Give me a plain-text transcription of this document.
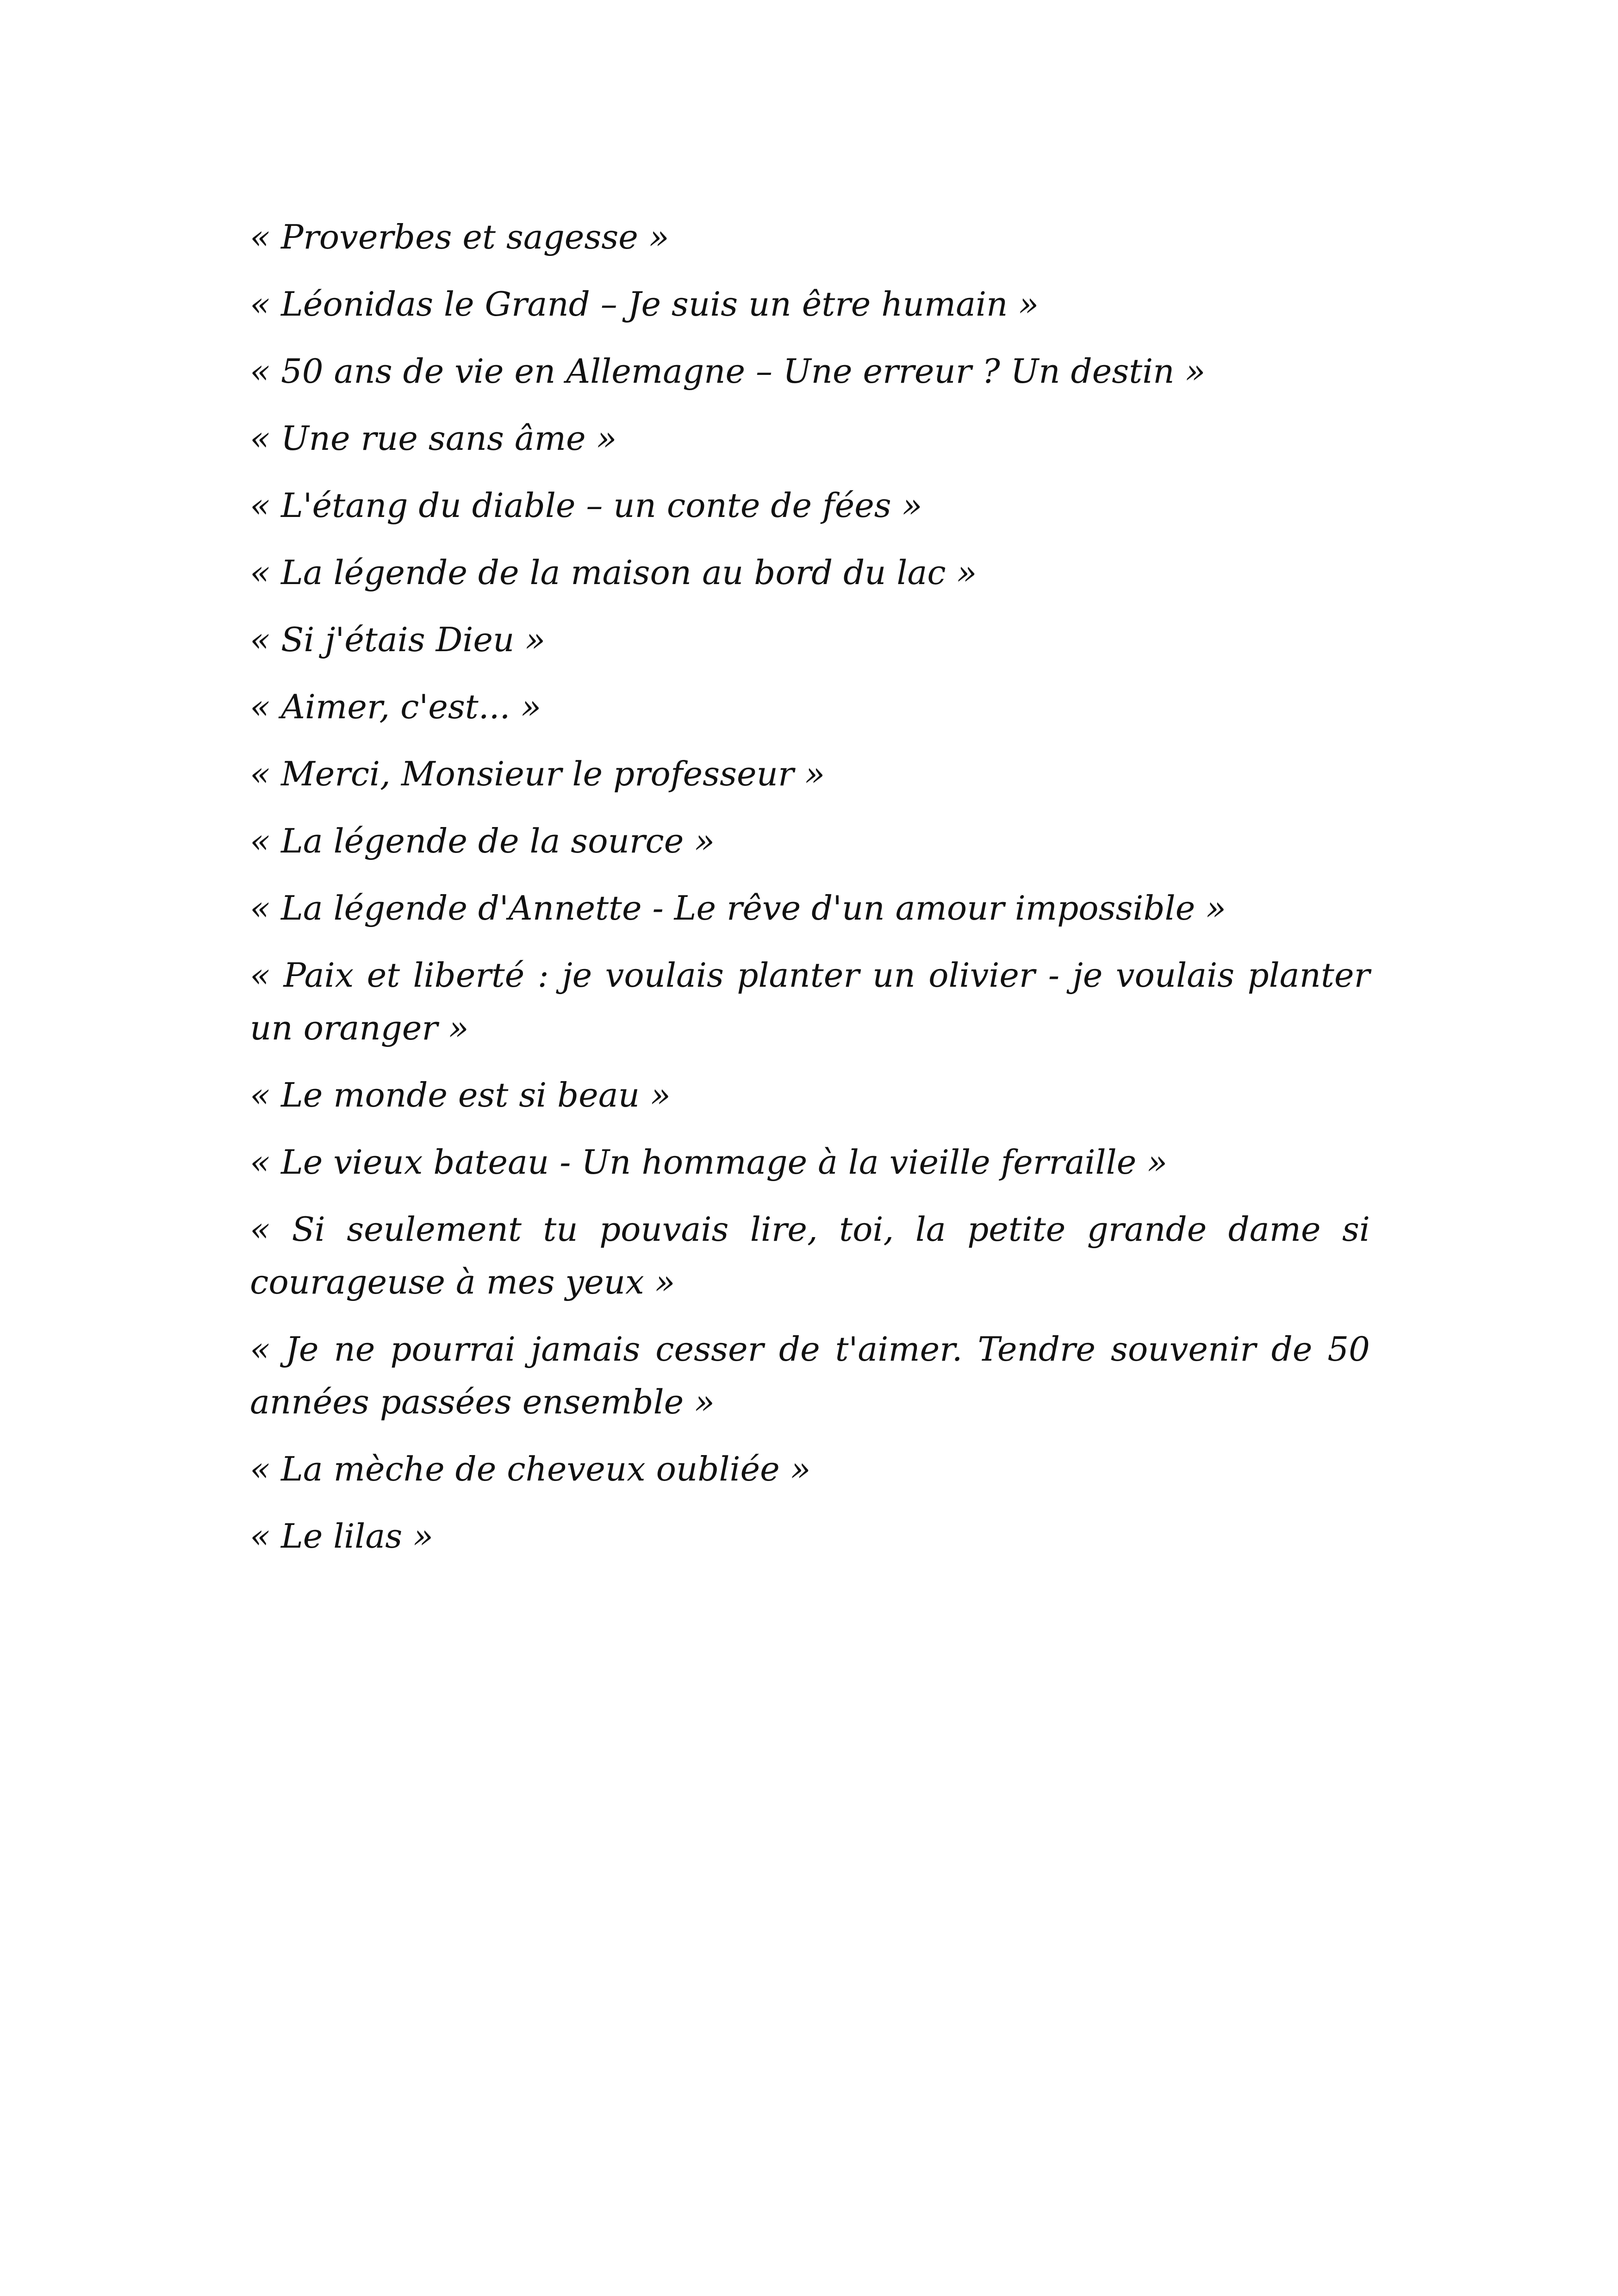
« Proverbes et sagesse »
« Léonidas le Grand – Je suis un être humain »
« 50 ans de vie en Allemagne – Une erreur ? Un destin »
« Une rue sans âme »
« L'étang du diable – un conte de fées »
« La légende de la maison au bord du lac »
« Si j'étais Dieu »
« Aimer, c'est... »
« Merci, Monsieur le professeur »
« La légende de la source »
« La légende d'Annette - Le rêve d'un amour impossible »
« Paix et liberté : je voulais planter un olivier - je voulais planter un oranger »
« Le monde est si beau »
« Le vieux bateau - Un hommage à la vieille ferraille »
« Si seulement tu pouvais lire, toi, la petite grande dame si courageuse à mes yeux »
« Je ne pourrai jamais cesser de t'aimer. Tendre souvenir de 50 années passées ensemble »
« La mèche de cheveux oubliée »
« Le lilas »
